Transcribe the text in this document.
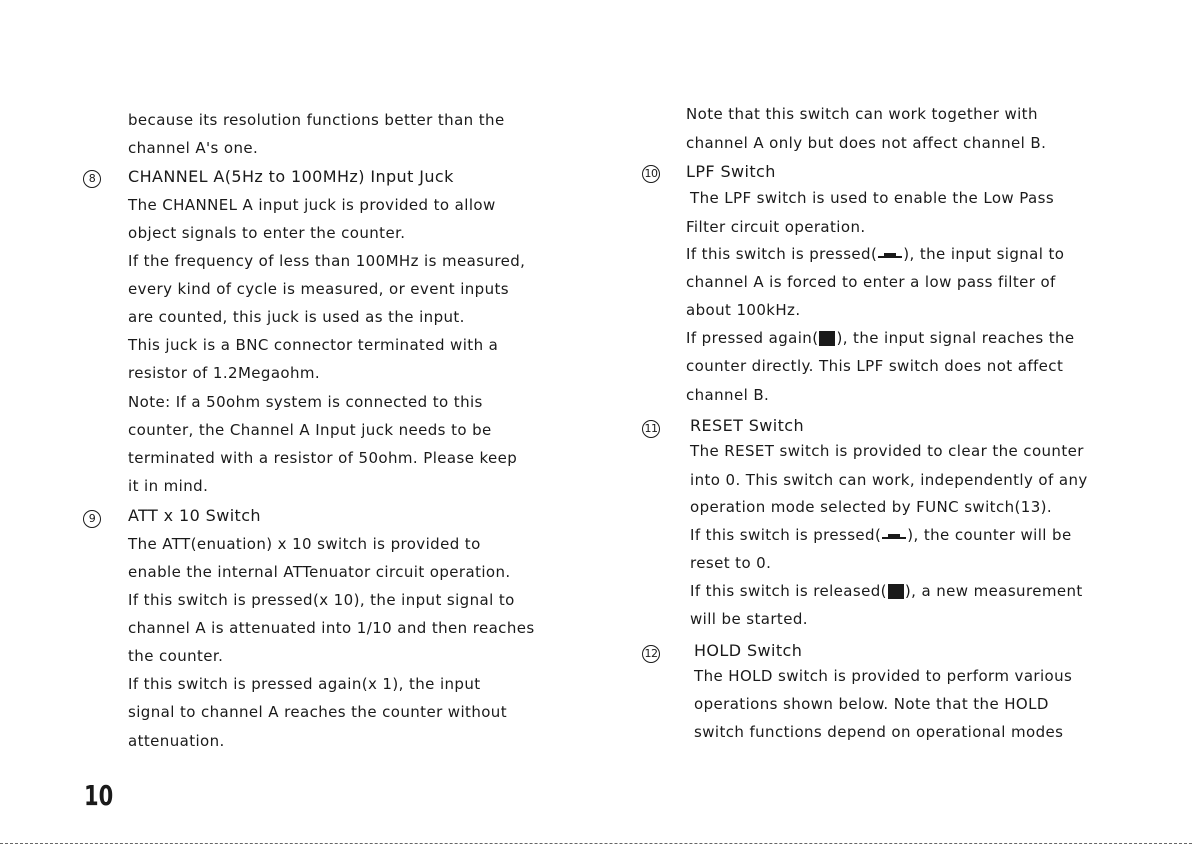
because its resolution functions better than the
channel A's one.
8	CHANNEL A(5Hz to 100MHz) Input Juck
The CHANNEL A input juck is provided to allow
object signals to enter the counter.
If the frequency of less than 100MHz is measured,
every kind of cycle is measured, or event inputs
are counted, this juck is used as the input.
This juck is a BNC connector terminated with a
resistor of 1.2Megaohm.
Note: If a 50ohm system is connected to this
counter, the Channel A Input juck needs to be
terminated with a resistor of 50ohm. Please keep
it in mind.
9	ATT x 10 Switch
The ATT(enuation) x 10 switch is provided to
enable the internal ATTenuator circuit operation.
If this switch is pressed(x 10), the input signal to
channel A is attenuated into 1/10 and then reaches
the counter.
If this switch is pressed again(x 1), the input
signal to channel A reaches the counter without
attenuation.
Note that this switch can work together with
channel A only but does not affect channel B.
10 LPF Switch
The LPF switch is used to enable the Low Pass
Filter circuit operation.
If this switch is pressed( ), the input signal to
channel A is forced to enter a low pass filter of
about 100kHz.
If pressed again( ), the input signal reaches the
counter directly. This LPF switch does not affect
channel B.
11 RESET Switch
The RESET switch is provided to clear the counter
into 0. This switch can work, independently of any
operation mode selected by FUNC switch(13).
If this switch is pressed( ), the counter will be
reset to 0.
If this switch is released( ), a new measurement
will be started.
12 HOLD Switch
The HOLD switch is provided to perform various
operations shown below. Note that the HOLD
switch functions depend on operational modes
10
